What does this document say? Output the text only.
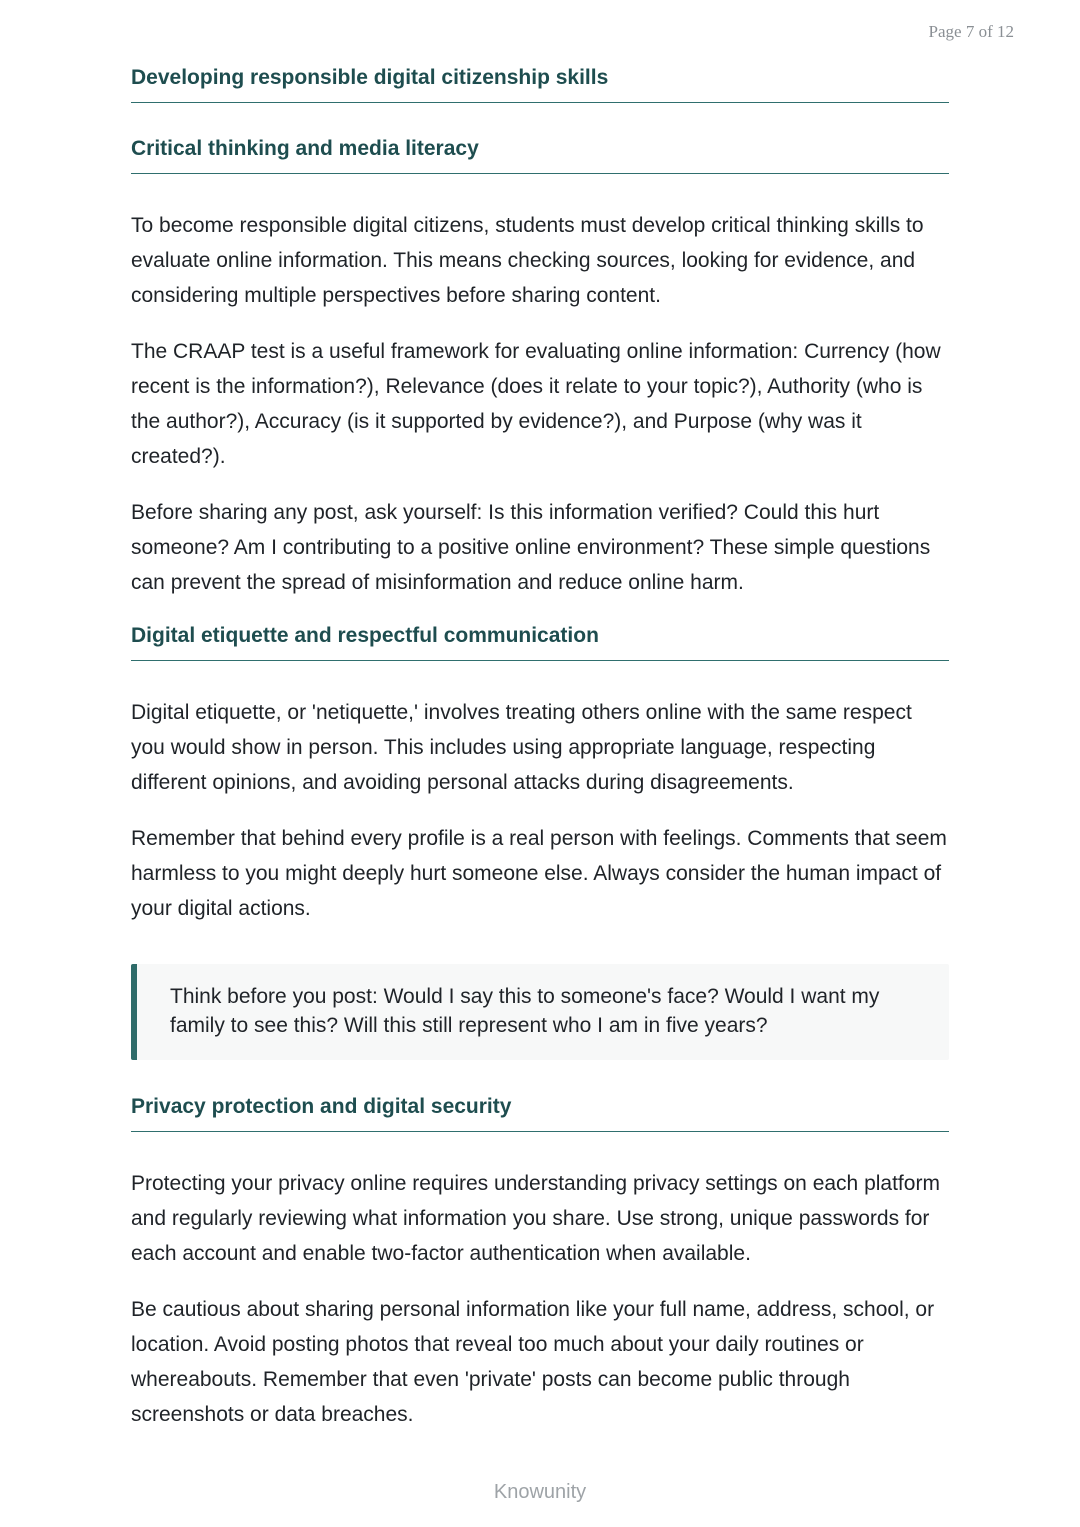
Page 7 of 12
Developing responsible digital citizenship skills
Critical thinking and media literacy

To become responsible digital citizens, students must develop critical thinking skills to evaluate online information. This means checking sources, looking for evidence, and considering multiple perspectives before sharing content.

The CRAAP test is a useful framework for evaluating online information: Currency (how recent is the information?), Relevance (does it relate to your topic?), Authority (who is the author?), Accuracy (is it supported by evidence?), and Purpose (why was it created?).

Before sharing any post, ask yourself: Is this information verified? Could this hurt someone? Am I contributing to a positive online environment? These simple questions can prevent the spread of misinformation and reduce online harm.

Digital etiquette and respectful communication

Digital etiquette, or 'netiquette,' involves treating others online with the same respect you would show in person. This includes using appropriate language, respecting different opinions, and avoiding personal attacks during disagreements.

Remember that behind every profile is a real person with feelings. Comments that seem harmless to you might deeply hurt someone else. Always consider the human impact of your digital actions.

Think before you post: Would I say this to someone's face? Would I want my family to see this? Will this still represent who I am in five years?
Privacy protection and digital security

Protecting your privacy online requires understanding privacy settings on each platform and regularly reviewing what information you share. Use strong, unique passwords for each account and enable two-factor authentication when available.

Be cautious about sharing personal information like your full name, address, school, or location. Avoid posting photos that reveal too much about your daily routines or whereabouts. Remember that even 'private' posts can become public through screenshots or data breaches.

Knowunity
